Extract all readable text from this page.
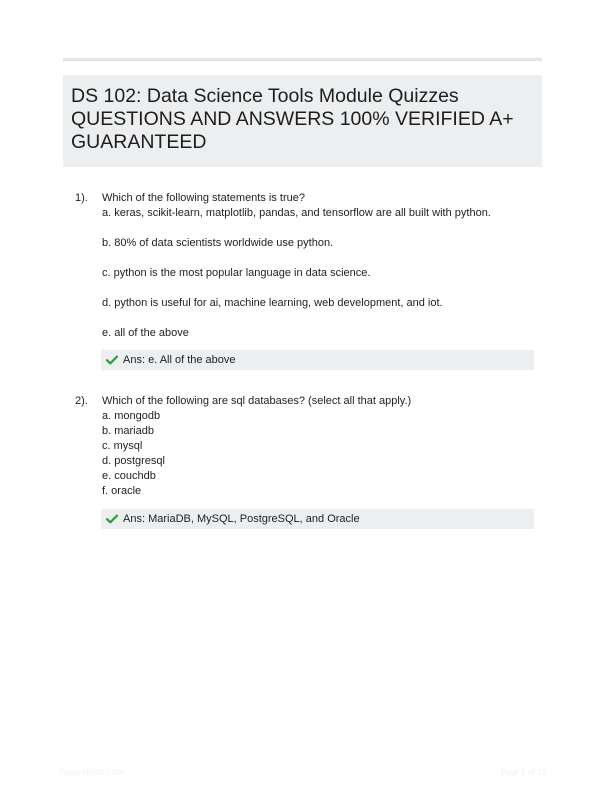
DS 102: Data Science Tools Module Quizzes
QUESTIONS AND ANSWERS 100% VERIFIED A+
GUARANTEED
1). Which of the following statements is true?
a. keras, scikit-learn, matplotlib, pandas, and tensorflow are all built with python.
b. 80% of data scientists worldwide use python.
c. python is the most popular language in data science.
d. python is useful for ai, machine learning, web development, and iot.
e. all of the above
Ans: e. All of the above
2). Which of the following are sql databases? (select all that apply.)
a. mongodb
b. mariadb
c. mysql
d. postgresql
e. couchdb
f. oracle
Ans: MariaDB, MySQL, PostgreSQL, and Oracle
PaperNimic.com	Page 1 of 12
